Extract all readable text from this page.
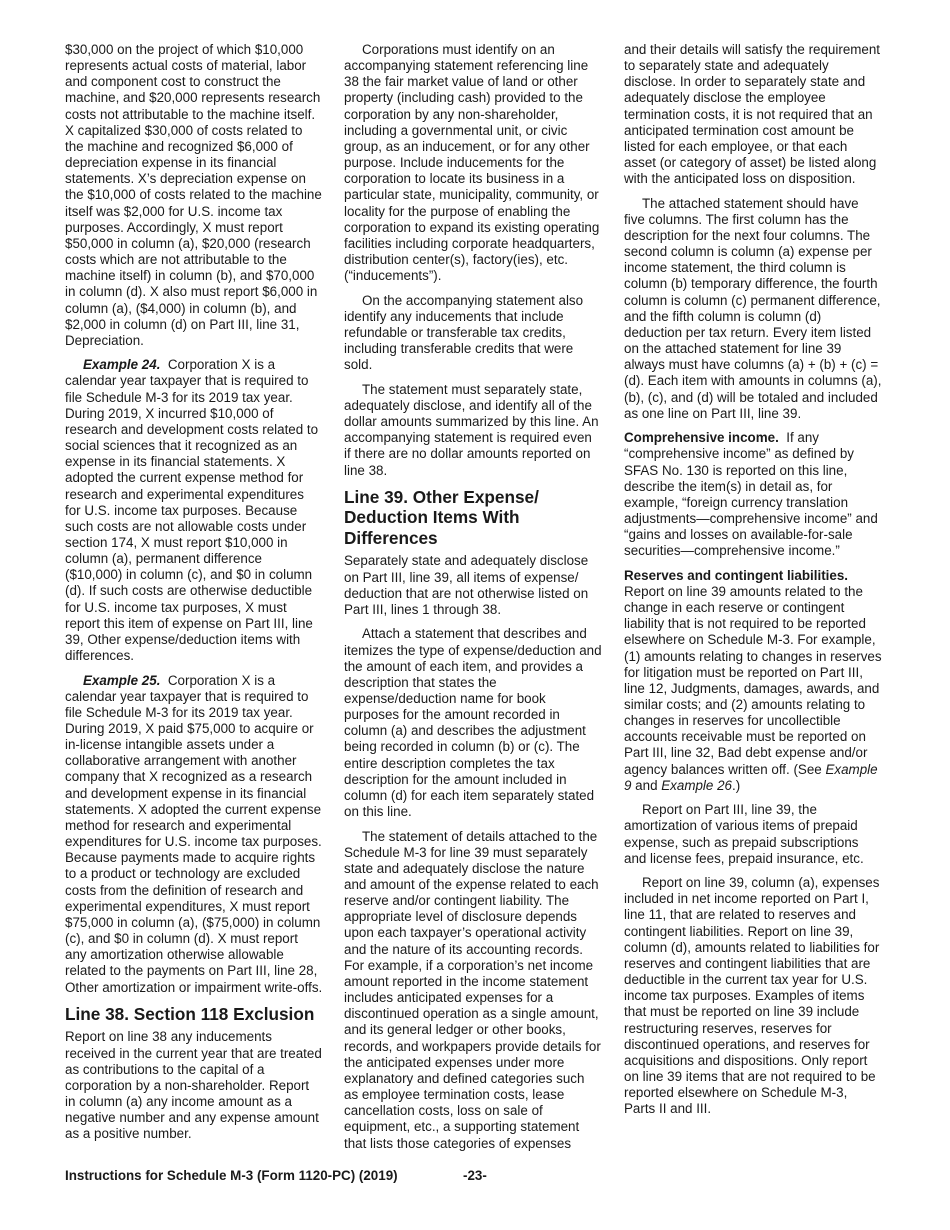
$30,000 on the project of which $10,000 represents actual costs of material, labor and component cost to construct the machine, and $20,000 represents research costs not attributable to the machine itself. X capitalized $30,000 of costs related to the machine and recognized $6,000 of depreciation expense in its financial statements. X’s depreciation expense on the $10,000 of costs related to the machine itself was $2,000 for U.S. income tax purposes. Accordingly, X must report $50,000 in column (a), $20,000 (research costs which are not attributable to the machine itself) in column (b), and $70,000 in column (d). X also must report $6,000 in column (a), ($4,000) in column (b), and $2,000 in column (d) on Part III, line 31, Depreciation.

Example 24. Corporation X is a calendar year taxpayer that is required to file Schedule M-3 for its 2019 tax year. During 2019, X incurred $10,000 of research and development costs related to social sciences that it recognized as an expense in its financial statements. X adopted the current expense method for research and experimental expenditures for U.S. income tax purposes. Because such costs are not allowable costs under section 174, X must report $10,000 in column (a), permanent difference ($10,000) in column (c), and $0 in column (d). If such costs are otherwise deductible for U.S. income tax purposes, X must report this item of expense on Part III, line 39, Other expense/deduction items with differences.

Example 25. Corporation X is a calendar year taxpayer that is required to file Schedule M-3 for its 2019 tax year. During 2019, X paid $75,000 to acquire or in-license intangible assets under a collaborative arrangement with another company that X recognized as a research and development expense in its financial statements. X adopted the current expense method for research and experimental expenditures for U.S. income tax purposes. Because payments made to acquire rights to a product or technology are excluded costs from the definition of research and experimental expenditures, X must report $75,000 in column (a), ($75,000) in column (c), and $0 in column (d). X must report any amortization otherwise allowable related to the payments on Part III, line 28, Other amortization or impairment write-offs.

Line 38. Section 118 Exclusion

Report on line 38 any inducements received in the current year that are treated as contributions to the capital of a corporation by a non-shareholder. Report in column (a) any income amount as a negative number and any expense amount as a positive number.

Corporations must identify on an accompanying statement referencing line 38 the fair market value of land or other property (including cash) provided to the corporation by any non-shareholder, including a governmental unit, or civic group, as an inducement, or for any other purpose. Include inducements for the corporation to locate its business in a particular state, municipality, community, or locality for the purpose of enabling the corporation to expand its existing operating facilities including corporate headquarters, distribution center(s), factory(ies), etc. (“inducements”).

On the accompanying statement also identify any inducements that include refundable or transferable tax credits, including transferable credits that were sold.

The statement must separately state, adequately disclose, and identify all of the dollar amounts summarized by this line. An accompanying statement is required even if there are no dollar amounts reported on line 38.

Line 39. Other Expense/ Deduction Items With Differences

Separately state and adequately disclose on Part III, line 39, all items of expense/ deduction that are not otherwise listed on Part III, lines 1 through 38.

Attach a statement that describes and itemizes the type of expense/deduction and the amount of each item, and provides a description that states the expense/deduction name for book purposes for the amount recorded in column (a) and describes the adjustment being recorded in column (b) or (c). The entire description completes the tax description for the amount included in column (d) for each item separately stated on this line.

The statement of details attached to the Schedule M-3 for line 39 must separately state and adequately disclose the nature and amount of the expense related to each reserve and/or contingent liability. The appropriate level of disclosure depends upon each taxpayer’s operational activity and the nature of its accounting records. For example, if a corporation’s net income amount reported in the income statement includes anticipated expenses for a discontinued operation as a single amount, and its general ledger or other books, records, and workpapers provide details for the anticipated expenses under more explanatory and defined categories such as employee termination costs, lease cancellation costs, loss on sale of equipment, etc., a supporting statement that lists those categories of expenses

and their details will satisfy the requirement to separately state and adequately disclose. In order to separately state and adequately disclose the employee termination costs, it is not required that an anticipated termination cost amount be listed for each employee, or that each asset (or category of asset) be listed along with the anticipated loss on disposition.

The attached statement should have five columns. The first column has the description for the next four columns. The second column is column (a) expense per income statement, the third column is column (b) temporary difference, the fourth column is column (c) permanent difference, and the fifth column is column (d) deduction per tax return. Every item listed on the attached statement for line 39 always must have columns (a) + (b) + (c) = (d). Each item with amounts in columns (a), (b), (c), and (d) will be totaled and included as one line on Part III, line 39.

Comprehensive income. If any “comprehensive income” as defined by SFAS No. 130 is reported on this line, describe the item(s) in detail as, for example, “foreign currency translation adjustments—comprehensive income” and “gains and losses on available-for-sale securities—comprehensive income.”

Reserves and contingent liabilities. Report on line 39 amounts related to the change in each reserve or contingent liability that is not required to be reported elsewhere on Schedule M-3. For example, (1) amounts relating to changes in reserves for litigation must be reported on Part III, line 12, Judgments, damages, awards, and similar costs; and (2) amounts relating to changes in reserves for uncollectible accounts receivable must be reported on Part III, line 32, Bad debt expense and/or agency balances written off. (See Example 9 and Example 26.)

Report on Part III, line 39, the amortization of various items of prepaid expense, such as prepaid subscriptions and license fees, prepaid insurance, etc.

Report on line 39, column (a), expenses included in net income reported on Part I, line 11, that are related to reserves and contingent liabilities. Report on line 39, column (d), amounts related to liabilities for reserves and contingent liabilities that are deductible in the current tax year for U.S. income tax purposes. Examples of items that must be reported on line 39 include restructuring reserves, reserves for discontinued operations, and reserves for acquisitions and dispositions. Only report on line 39 items that are not required to be reported elsewhere on Schedule M-3, Parts II and III.

Instructions for Schedule M-3 (Form 1120-PC) (2019)	-23-
